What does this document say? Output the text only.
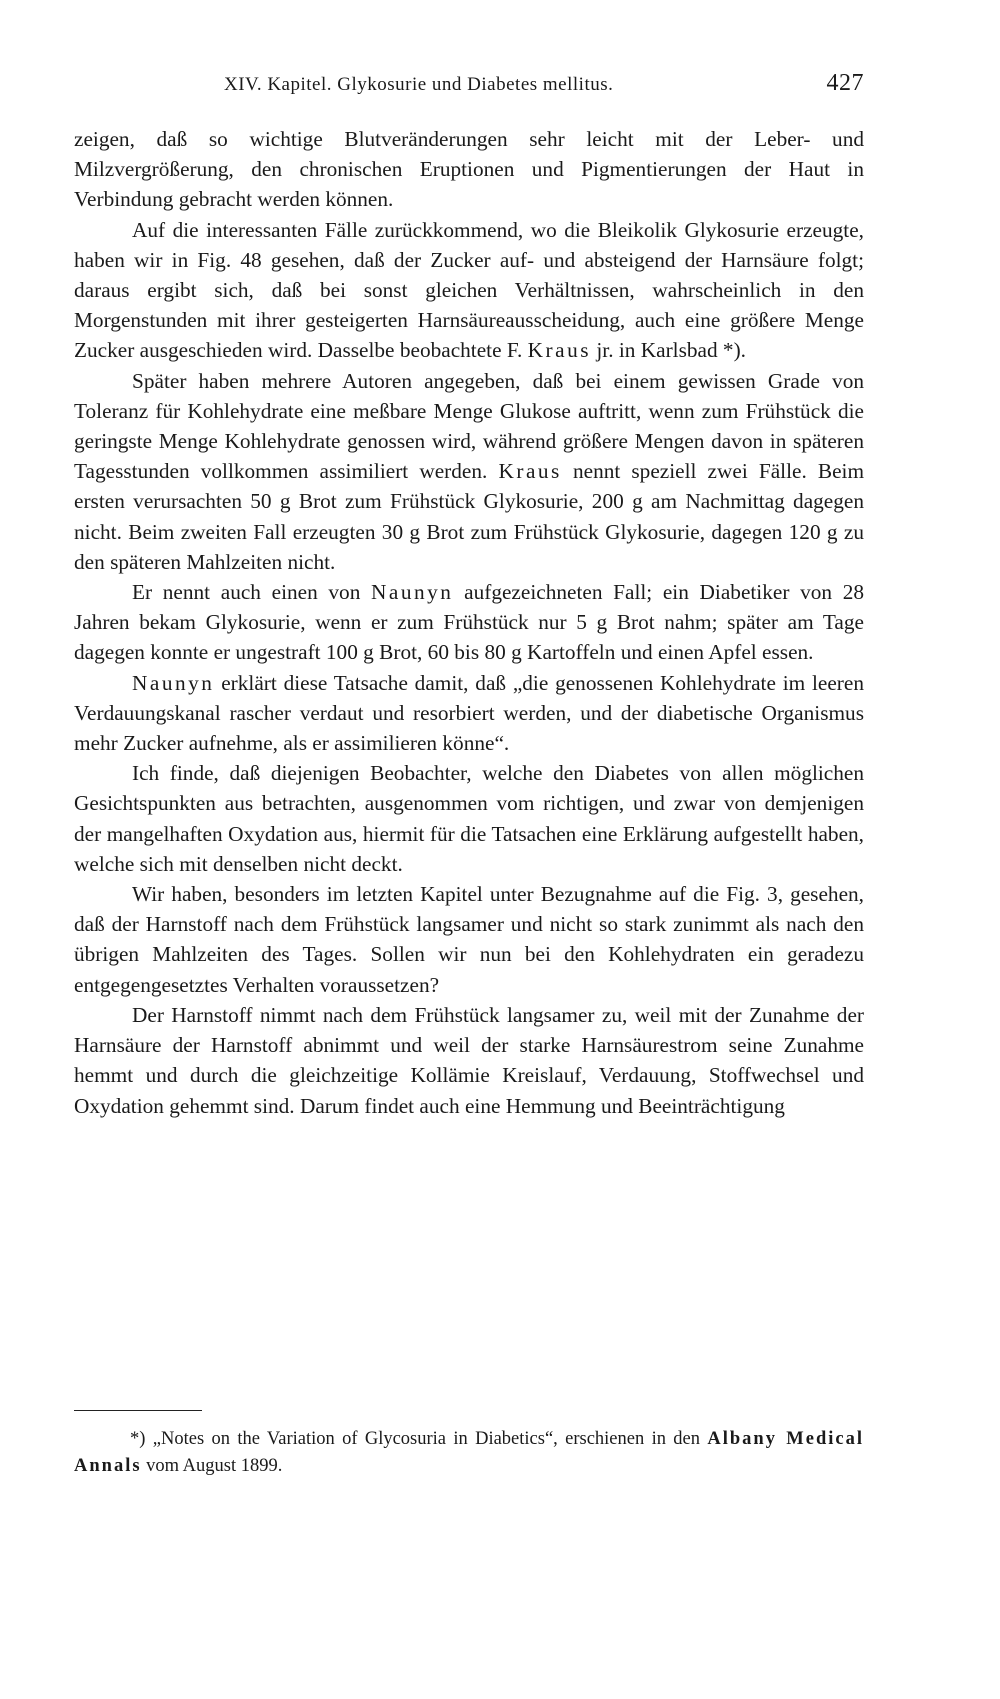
XIV. Kapitel. Glykosurie und Diabetes mellitus.	427

zeigen, daß so wichtige Blutveränderungen sehr leicht mit der Leber- und Milzvergrößerung, den chronischen Eruptionen und Pigmentierungen der Haut in Verbindung gebracht werden können.

Auf die interessanten Fälle zurückkommend, wo die Bleikolik Glykosurie erzeugte, haben wir in Fig. 48 gesehen, daß der Zucker auf- und absteigend der Harnsäure folgt; daraus ergibt sich, daß bei sonst gleichen Verhältnissen, wahrscheinlich in den Morgenstunden mit ihrer gesteigerten Harnsäureausscheidung, auch eine größere Menge Zucker ausgeschieden wird. Dasselbe beobachtete F. Kraus jr. in Karlsbad *).

Später haben mehrere Autoren angegeben, daß bei einem gewissen Grade von Toleranz für Kohlehydrate eine meßbare Menge Glukose auftritt, wenn zum Frühstück die geringste Menge Kohlehydrate genossen wird, während größere Mengen davon in späteren Tagesstunden vollkommen assimiliert werden. Kraus nennt speziell zwei Fälle. Beim ersten verursachten 50 g Brot zum Frühstück Glykosurie, 200 g am Nachmittag dagegen nicht. Beim zweiten Fall erzeugten 30 g Brot zum Frühstück Glykosurie, dagegen 120 g zu den späteren Mahlzeiten nicht.

Er nennt auch einen von Naunyn aufgezeichneten Fall; ein Diabetiker von 28 Jahren bekam Glykosurie, wenn er zum Frühstück nur 5 g Brot nahm; später am Tage dagegen konnte er ungestraft 100 g Brot, 60 bis 80 g Kartoffeln und einen Apfel essen.

Naunyn erklärt diese Tatsache damit, daß „die genossenen Kohlehydrate im leeren Verdauungskanal rascher verdaut und resorbiert werden, und der diabetische Organismus mehr Zucker aufnehme, als er assimilieren könne“.

Ich finde, daß diejenigen Beobachter, welche den Diabetes von allen möglichen Gesichtspunkten aus betrachten, ausgenommen vom richtigen, und zwar von demjenigen der mangelhaften Oxydation aus, hiermit für die Tatsachen eine Erklärung aufgestellt haben, welche sich mit denselben nicht deckt.

Wir haben, besonders im letzten Kapitel unter Bezugnahme auf die Fig. 3, gesehen, daß der Harnstoff nach dem Frühstück langsamer und nicht so stark zunimmt als nach den übrigen Mahlzeiten des Tages. Sollen wir nun bei den Kohlehydraten ein geradezu entgegengesetztes Verhalten voraussetzen?

Der Harnstoff nimmt nach dem Frühstück langsamer zu, weil mit der Zunahme der Harnsäure der Harnstoff abnimmt und weil der starke Harnsäurestrom seine Zunahme hemmt und durch die gleichzeitige Kollämie Kreislauf, Verdauung, Stoffwechsel und Oxydation gehemmt sind. Darum findet auch eine Hemmung und Beeinträchtigung

*) „Notes on the Variation of Glycosuria in Diabetics“, erschienen in den Albany Medical Annals vom August 1899.
